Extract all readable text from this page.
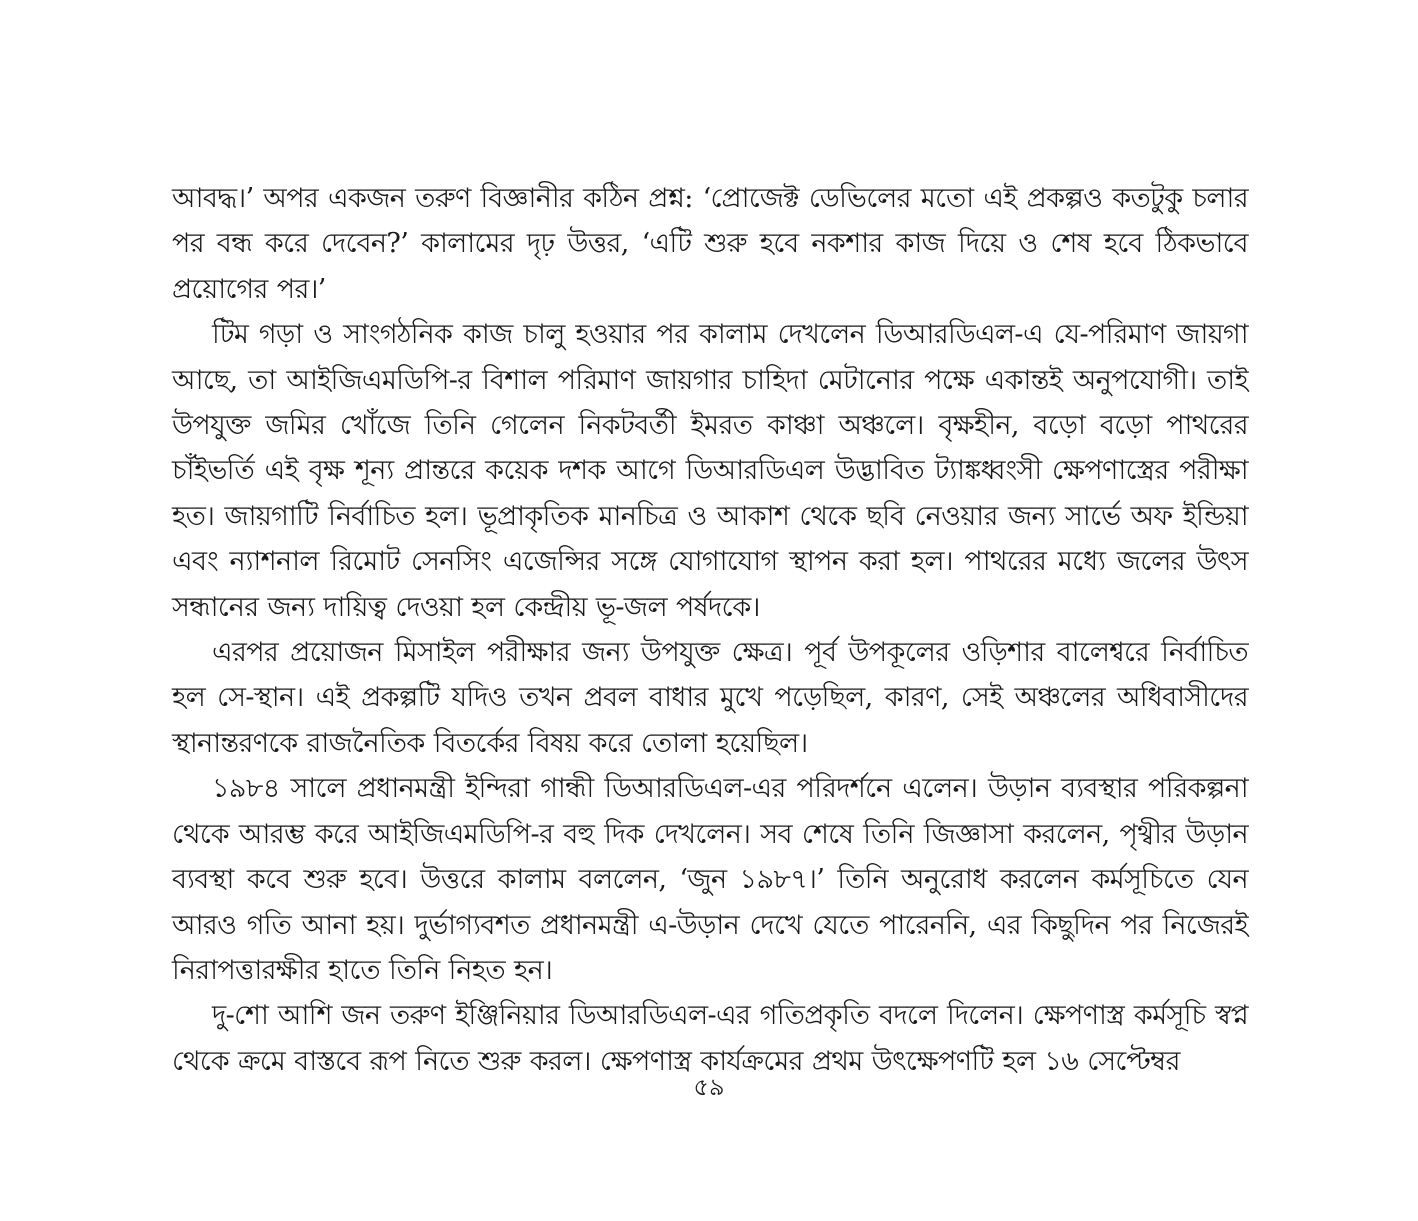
আবদ্ধ।’ অপর একজন তরুণ বিজ্ঞানীর কঠিন প্রশ্ন: ‘প্রোজেক্ট ডেভিলের মতো এই প্রকল্পও কতটুকু চলার পর বন্ধ করে দেবেন?’ কালামের দৃঢ় উত্তর, ‘এটি শুরু হবে নকশার কাজ দিয়ে ও শেষ হবে ঠিকভাবে প্রয়োগের পর।’

টিম গড়া ও সাংগঠনিক কাজ চালু হওয়ার পর কালাম দেখলেন ডিআরডিএল-এ যে-পরিমাণ জায়গা আছে, তা আইজিএমডিপি-র বিশাল পরিমাণ জায়গার চাহিদা মেটানোর পক্ষে একান্তই অনুপযোগী। তাই উপযুক্ত জমির খোঁজে তিনি গেলেন নিকটবর্তী ইমরত কাঞ্চা অঞ্চলে। বৃক্ষহীন, বড়ো বড়ো পাথরের চাঁইভর্তি এই বৃক্ষ শূন্য প্রান্তরে কয়েক দশক আগে ডিআরডিএল উদ্ভাবিত ট্যাঙ্কধ্বংসী ক্ষেপণাস্ত্রের পরীক্ষা হত। জায়গাটি নির্বাচিত হল। ভূপ্রাকৃতিক মানচিত্র ও আকাশ থেকে ছবি নেওয়ার জন্য সার্ভে অফ ইন্ডিয়া এবং ন্যাশনাল রিমোট সেনসিং এজেন্সির সঙ্গে যোগাযোগ স্থাপন করা হল। পাথরের মধ্যে জলের উৎস সন্ধানের জন্য দায়িত্ব দেওয়া হল কেন্দ্রীয় ভূ-জল পর্ষদকে।

এরপর প্রয়োজন মিসাইল পরীক্ষার জন্য উপযুক্ত ক্ষেত্র। পূর্ব উপকূলের ওড়িশার বালেশ্বরে নির্বাচিত হল সে-স্থান। এই প্রকল্পটি যদিও তখন প্রবল বাধার মুখে পড়েছিল, কারণ, সেই অঞ্চলের অধিবাসীদের স্থানান্তরণকে রাজনৈতিক বিতর্কের বিষয় করে তোলা হয়েছিল।

১৯৮৪ সালে প্রধানমন্ত্রী ইন্দিরা গান্ধী ডিআরডিএল-এর পরিদর্শনে এলেন। উড়ান ব্যবস্থার পরিকল্পনা থেকে আরম্ভ করে আইজিএমডিপি-র বহু দিক দেখলেন। সব শেষে তিনি জিজ্ঞাসা করলেন, পৃথ্বীর উড়ান ব্যবস্থা কবে শুরু হবে। উত্তরে কালাম বললেন, ‘জুন ১৯৮৭।’ তিনি অনুরোধ করলেন কর্মসূচিতে যেন আরও গতি আনা হয়। দুর্ভাগ্যবশত প্রধানমন্ত্রী এ-উড়ান দেখে যেতে পারেননি, এর কিছুদিন পর নিজেরই নিরাপত্তারক্ষীর হাতে তিনি নিহত হন।

দু-শো আশি জন তরুণ ইঞ্জিনিয়ার ডিআরডিএল-এর গতিপ্রকৃতি বদলে দিলেন। ক্ষেপণাস্ত্র কর্মসূচি স্বপ্ন থেকে ক্রমে বাস্তবে রূপ নিতে শুরু করল। ক্ষেপণাস্ত্র কার্যক্রমের প্রথম উৎক্ষেপণটি হল ১৬ সেপ্টেম্বর

৫৯
